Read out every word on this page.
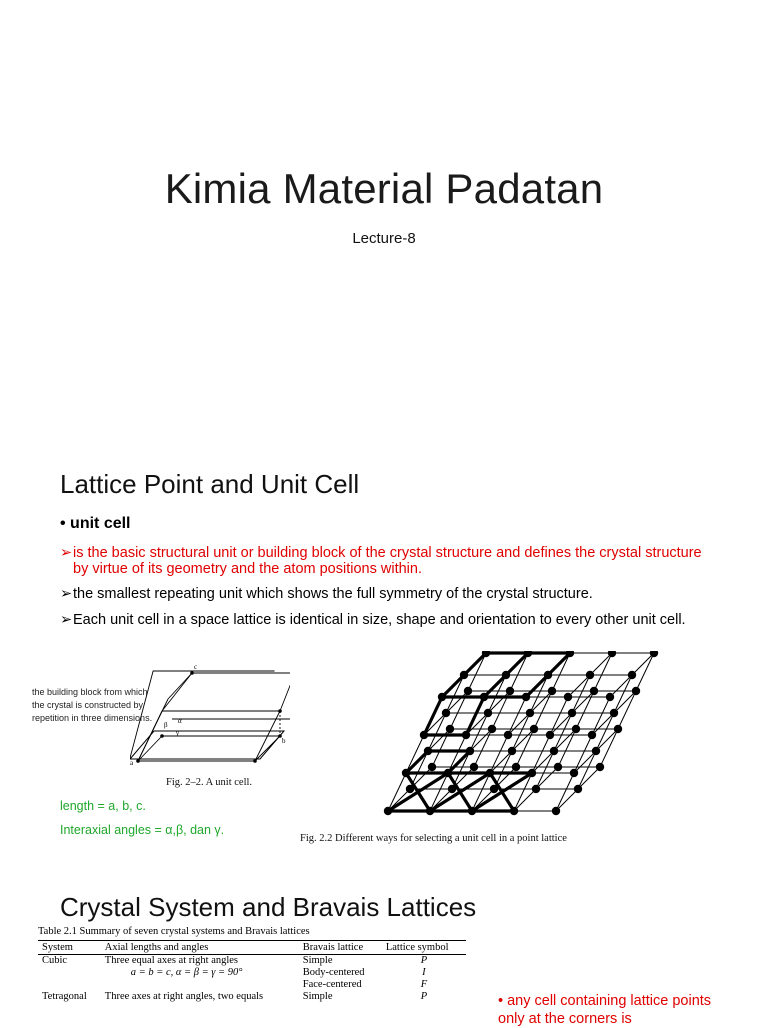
Kimia Material Padatan
Lecture-8
Lattice Point and Unit Cell
• unit cell
➢ is the basic structural unit or building block of the crystal structure and defines the crystal structure by virtue of its geometry and the atom positions within.
➢ the smallest repeating unit which shows the full symmetry of the crystal structure.
➢ Each unit cell in a space lattice is identical in size, shape and orientation to every other unit cell.
the building block from which the crystal is constructed by repetition in three dimensions.
c
b
a
α
β
γ
Fig. 2–2. A unit cell.
length = a, b, c.
Interaxial angles = α,β, dan γ.
Fig. 2.2 Different ways for selecting a unit cell in a point lattice
Crystal System and Bravais Lattices
Table 2.1 Summary of seven crystal systems and Bravais lattices
System	Axial lengths and angles	Bravais lattice	Lattice symbol
Cubic	Three equal axes at right angles	Simple	P
	a = b = c, α = β = γ = 90°	Body-centered	I
		Face-centered	F
Tetragonal	Three axes at right angles, two equals	Simple	P	• any cell containing lattice points only at the corners is
